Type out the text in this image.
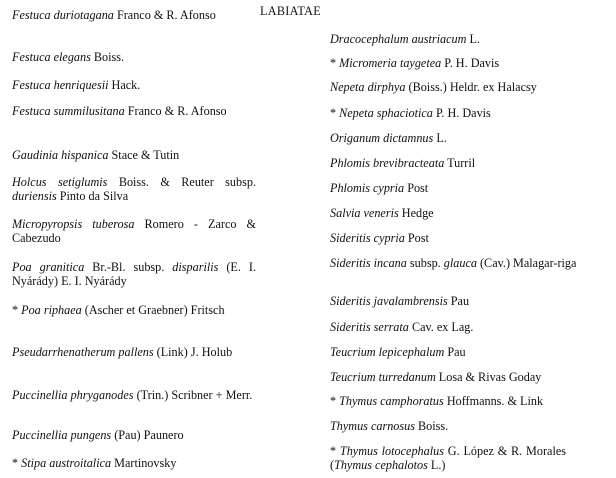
Festuca duriotagana Franco & R. Afonso
Festuca elegans Boiss.
Festuca henriquesii Hack.
Festuca summilusitana Franco & R. Afonso
Gaudinia hispanica Stace & Tutin
Holcus setiglumis Boiss. & Reuter subsp. duriensis Pinto da Silva
Micropyropsis tuberosa Romero - Zarco & Cabezudo
Poa granitica Br.-Bl. subsp. disparilis (E. I. Nyárády) E. I. Nyárády
* Poa riphaea (Ascher et Graebner) Fritsch
Pseudarrhenatherum pallens (Link) J. Holub
Puccinellia phryganodes (Trin.) Scribner + Merr.
Puccinellia pungens (Pau) Paunero
* Stipa austroitalica Martinovsky
LABIATAE
Dracocephalum austriacum L.
* Micromeria taygetea P. H. Davis
Nepeta dirphya (Boiss.) Heldr. ex Halacsy
* Nepeta sphaciotica P. H. Davis
Origanum dictamnus L.
Phlomis brevibracteata Turril
Phlomis cypria Post
Salvia veneris Hedge
Sideritis cypria Post
Sideritis incana subsp. glauca (Cav.) Malagar-riga
Sideritis javalambrensis Pau
Sideritis serrata Cav. ex Lag.
Teucrium lepicephalum Pau
Teucrium turredanum Losa & Rivas Goday
* Thymus camphoratus Hoffmanns. & Link
Thymus carnosus Boiss.
* Thymus lotocephalus G. López & R. Morales (Thymus cephalotos L.)
